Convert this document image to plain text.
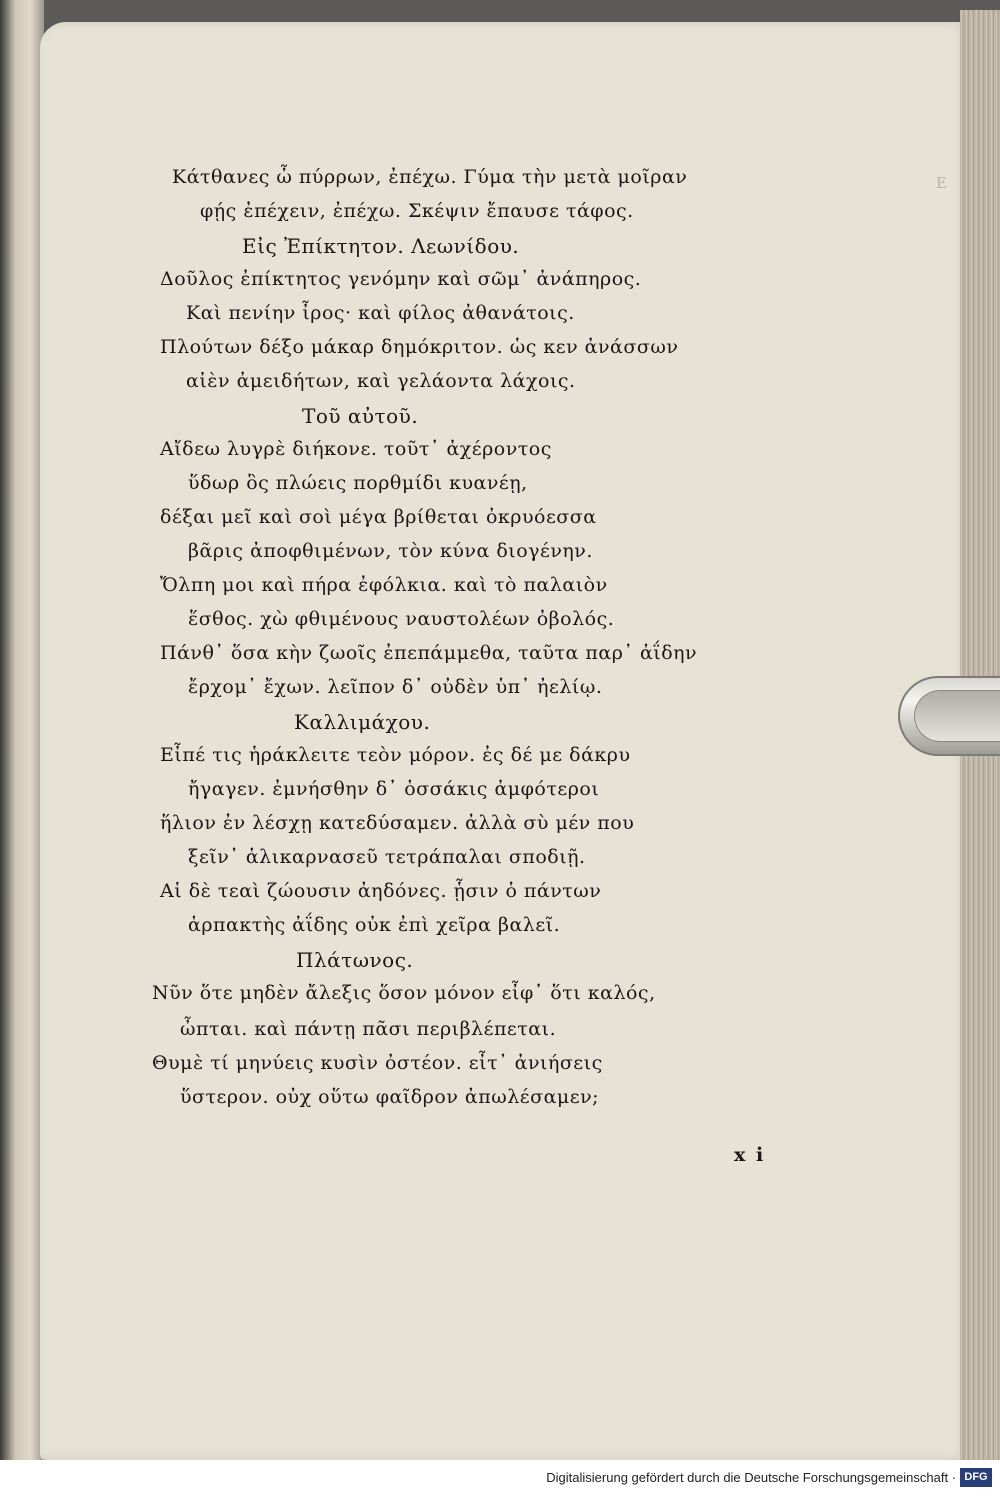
Ε
Κάτθανες ὦ πύρρων, ἐπέχω. Γύμα τὴν μετὰ μοῖραν
φῄς ἐπέχειν, ἐπέχω. Σκέψιν ἔπαυσε τάφος.
Εἰς Ἐπίκτητον. Λεωνίδου.
Δοῦλος ἐπίκτητος γενόμην καὶ σῶμ᾽ ἀνάπηρος.
Καὶ πενίην ἶρος· καὶ φίλος ἀθανάτοις.
Πλούτων δέξο μάκαρ δημόκριτον. ὡς κεν ἀνάσσων
αἰὲν ἀμειδήτων, καὶ γελάοντα λάχοις.
Τοῦ αὐτοῦ.
Αἴδεω λυγρὲ διήκονε. τοῦτ᾽ ἀχέροντος
ὕδωρ ὃς πλώεις πορθμίδι κυανέῃ,
δέξαι μεῖ καὶ σοὶ μέγα βρίθεται ὀκρυόεσσα
βᾶρις ἀποφθιμένων, τὸν κύνα διογένην.
Ὄλπη μοι καὶ πήρα ἐφόλκια. καὶ τὸ παλαιὸν
ἕσθος. χὼ φθιμένους ναυστολέων ὀβολός.
Πάνθ᾽ ὅσα κὴν ζωοῖς ἐπεπάμμεθα, ταῦτα παρ᾽ ἀΐδην
ἔρχομ᾽ ἔχων. λεῖπον δ᾽ οὐδὲν ὑπ᾽ ἠελίῳ.
Καλλιμάχου.
Εἶπέ τις ἡράκλειτε τεὸν μόρον. ἐς δέ με δάκρυ
ἤγαγεν. ἐμνήσθην δ᾽ ὁσσάκις ἀμφότεροι
ἥλιον ἐν λέσχῃ κατεδύσαμεν. ἀλλὰ σὺ μέν που
ξεῖν᾽ ἁλικαρνασεῦ τετράπαλαι σποδιῇ.
Αἱ δὲ τεαὶ ζώουσιν ἀηδόνες. ᾗσιν ὁ πάντων
ἁρπακτὴς ἀΐδης οὐκ ἐπὶ χεῖρα βαλεῖ.
Πλάτωνος.
Νῦν ὅτε μηδὲν ἄλεξις ὅσον μόνον εἶφ᾽ ὅτι καλός,
ὦπται. καὶ πάντῃ πᾶσι περιβλέπεται.
Θυμὲ τί μηνύεις κυσὶν ὀστέον. εἶτ᾽ ἀνιήσεις
ὕστερον. οὐχ οὕτω φαῖδρον ἀπωλέσαμεν;
x i
Digitalisierung gefördert durch die Deutsche Forschungsgemeinschaft · DFG
